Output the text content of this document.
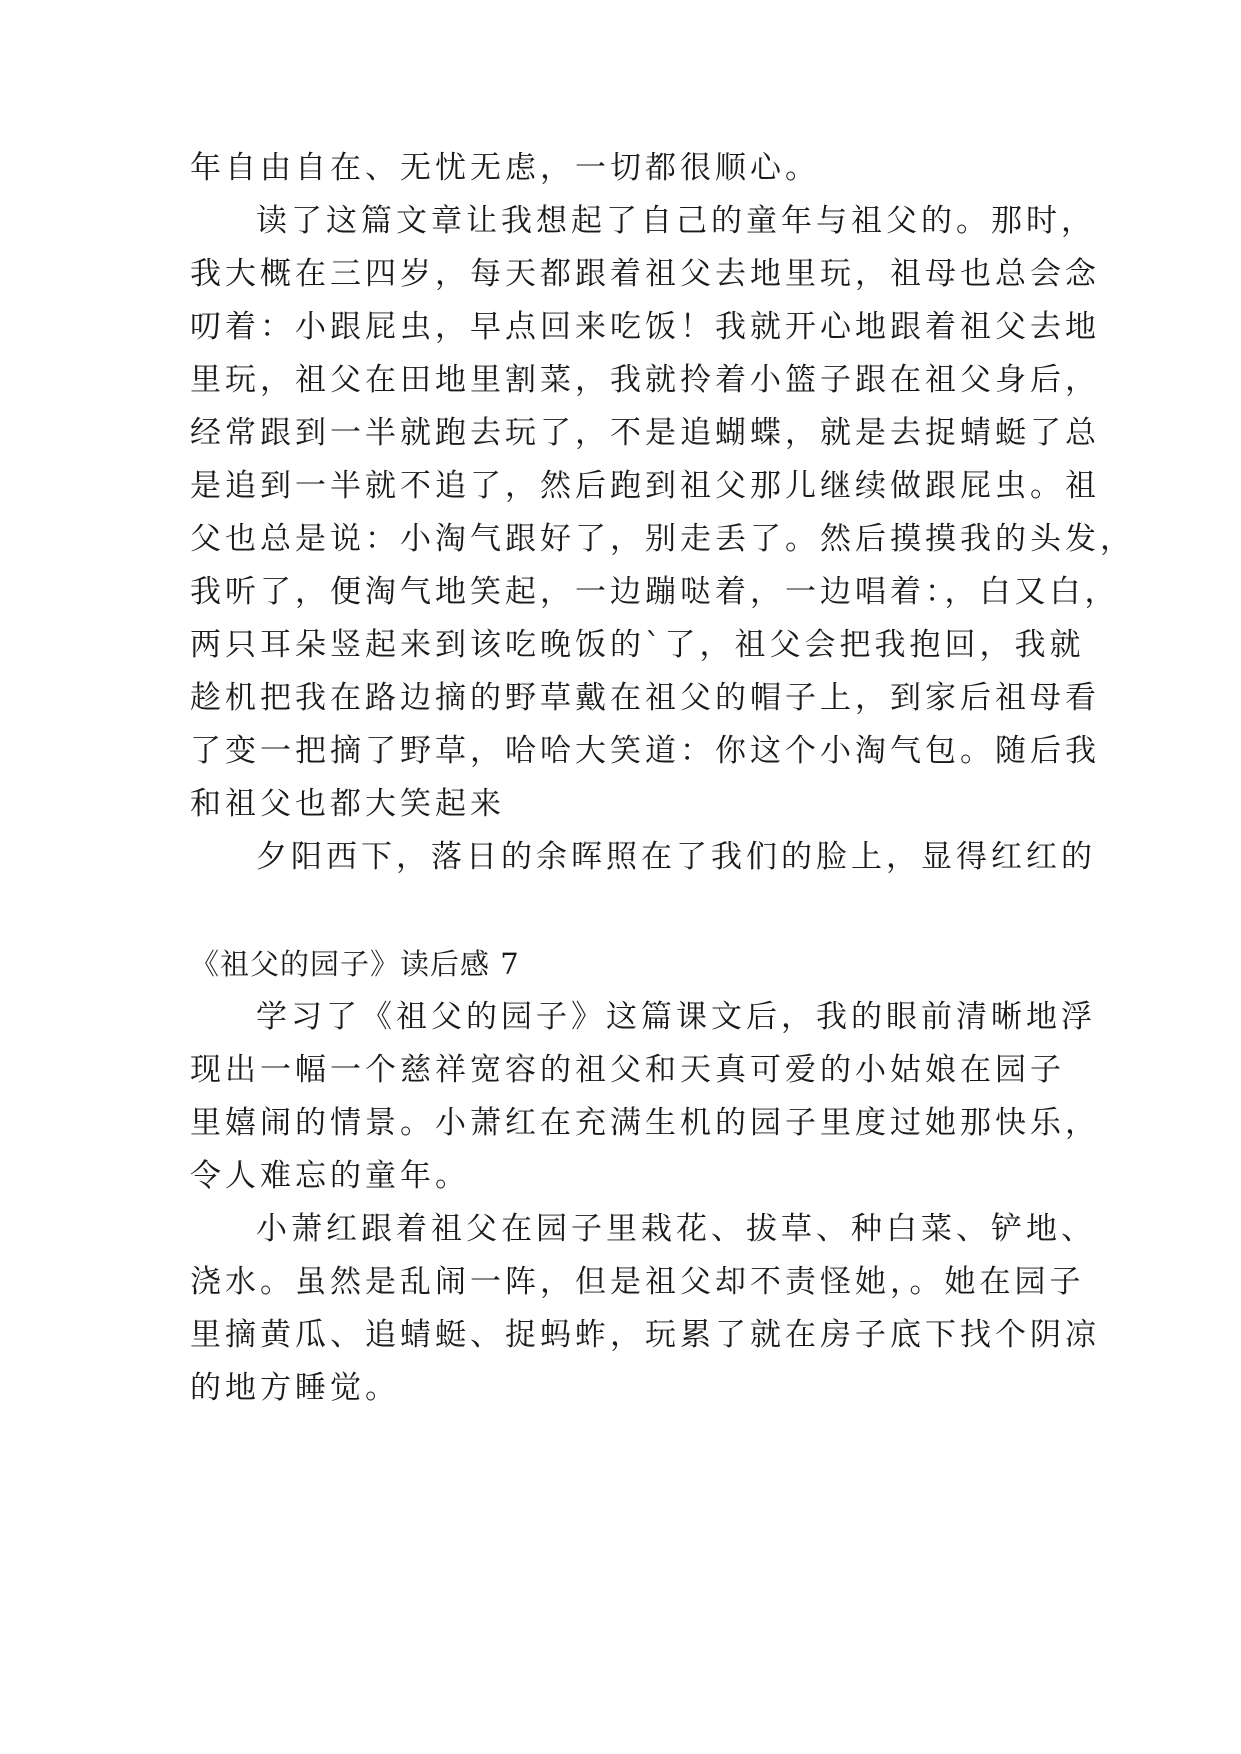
年自由自在、无忧无虑，一切都很顺心。
读了这篇文章让我想起了自己的童年与祖父的。那时，
我大概在三四岁，每天都跟着祖父去地里玩，祖母也总会念
叨着：小跟屁虫，早点回来吃饭！我就开心地跟着祖父去地
里玩，祖父在田地里割菜，我就拎着小篮子跟在祖父身后，
经常跟到一半就跑去玩了，不是追蝴蝶，就是去捉蜻蜓了总
是追到一半就不追了，然后跑到祖父那儿继续做跟屁虫。祖
父也总是说：小淘气跟好了，别走丢了。然后摸摸我的头发，
我听了，便淘气地笑起，一边蹦哒着，一边唱着：，白又白，
两只耳朵竖起来到该吃晚饭的`了，祖父会把我抱回，我就
趁机把我在路边摘的野草戴在祖父的帽子上，到家后祖母看
了变一把摘了野草，哈哈大笑道：你这个小淘气包。随后我
和祖父也都大笑起来
夕阳西下，落日的余晖照在了我们的脸上，显得红红的
《祖父的园子》读后感 7
学习了《祖父的园子》这篇课文后，我的眼前清晰地浮
现出一幅一个慈祥宽容的祖父和天真可爱的小姑娘在园子
里嬉闹的情景。小萧红在充满生机的园子里度过她那快乐，
令人难忘的童年。
小萧红跟着祖父在园子里栽花、拔草、种白菜、铲地、
浇水。虽然是乱闹一阵，但是祖父却不责怪她，。她在园子
里摘黄瓜、追蜻蜓、捉蚂蚱，玩累了就在房子底下找个阴凉
的地方睡觉。
